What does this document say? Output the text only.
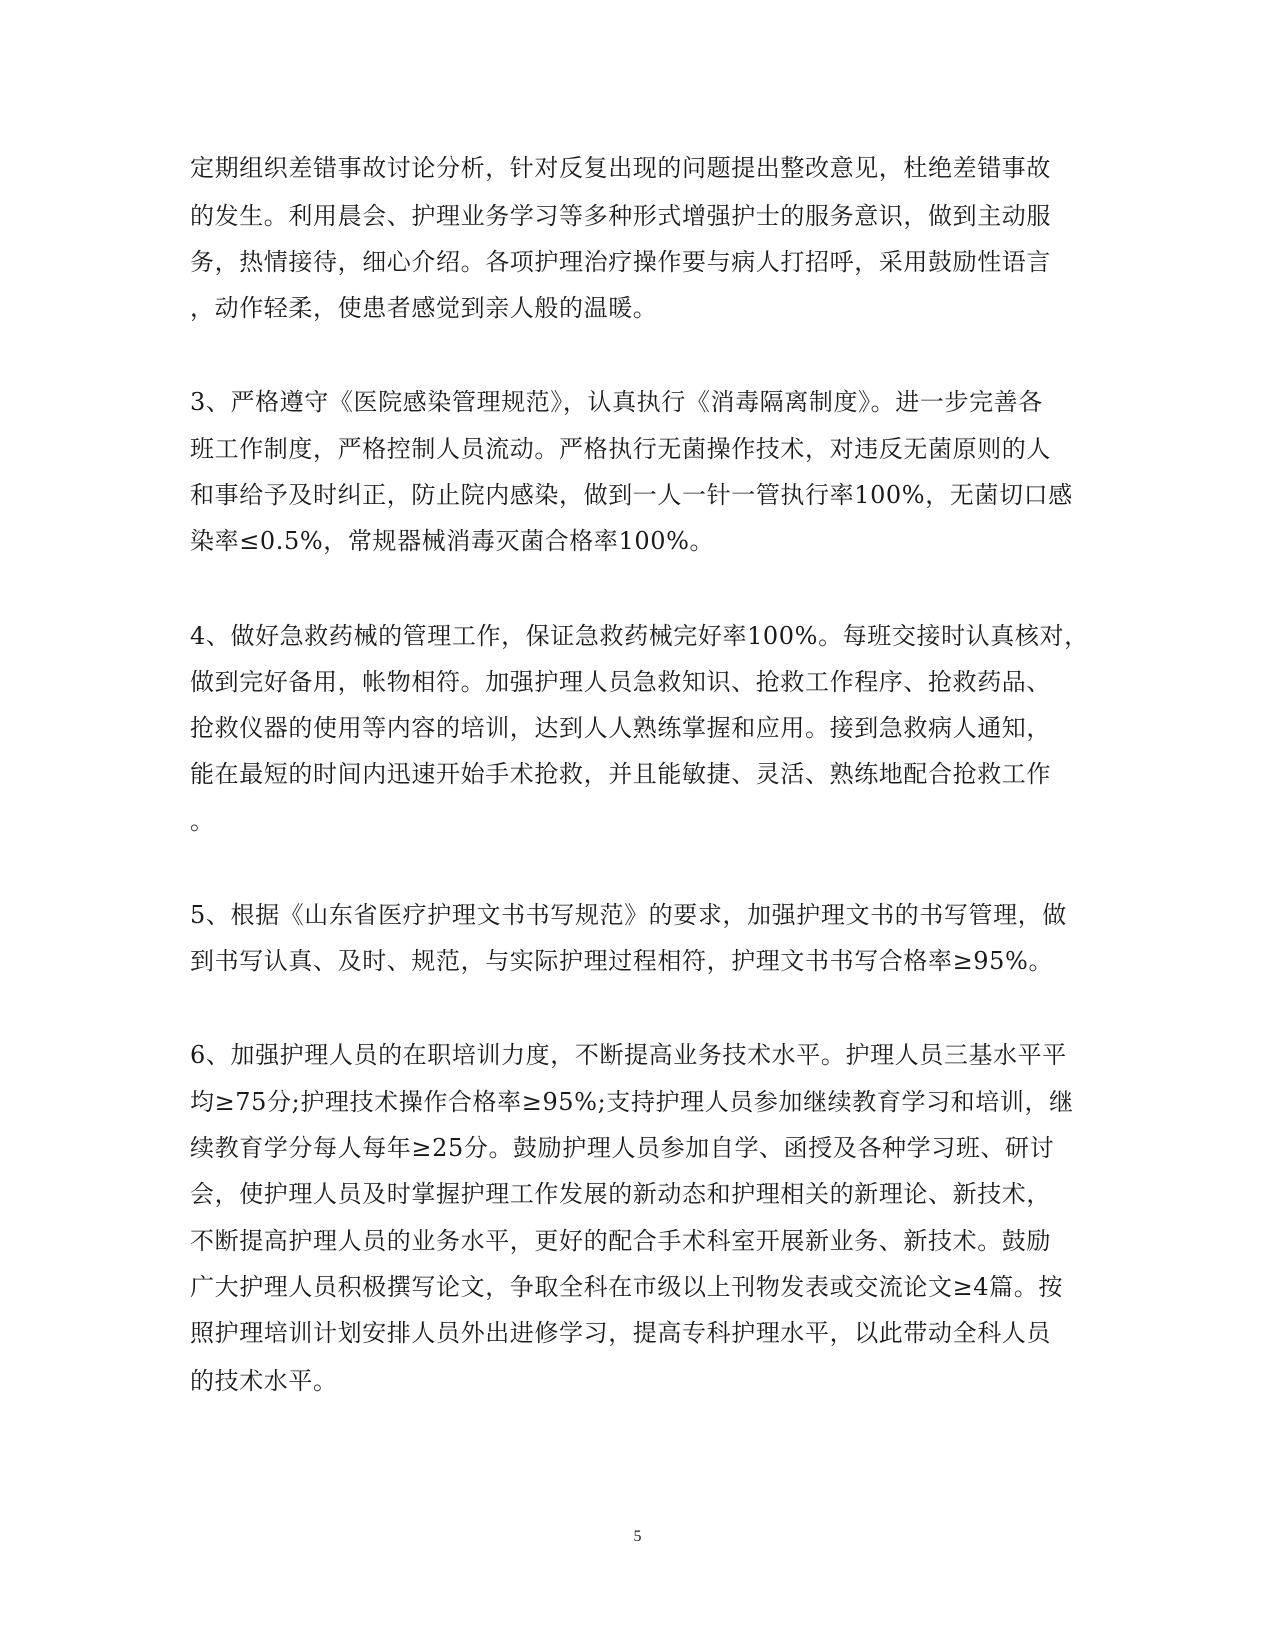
定期组织差错事故讨论分析，针对反复出现的问题提出整改意见，杜绝差错事故
的发生。利用晨会、护理业务学习等多种形式增强护士的服务意识，做到主动服
务，热情接待，细心介绍。各项护理治疗操作要与病人打招呼，采用鼓励性语言
，动作轻柔，使患者感觉到亲人般的温暖。
3、严格遵守《医院感染管理规范》，认真执行《消毒隔离制度》。进一步完善各
班工作制度，严格控制人员流动。严格执行无菌操作技术，对违反无菌原则的人
和事给予及时纠正，防止院内感染，做到一人一针一管执行率100%，无菌切口感
染率≤0.5%，常规器械消毒灭菌合格率100%。
4、做好急救药械的管理工作，保证急救药械完好率100%。每班交接时认真核对，
做到完好备用，帐物相符。加强护理人员急救知识、抢救工作程序、抢救药品、
抢救仪器的使用等内容的培训，达到人人熟练掌握和应用。接到急救病人通知，
能在最短的时间内迅速开始手术抢救，并且能敏捷、灵活、熟练地配合抢救工作
。
5、根据《山东省医疗护理文书书写规范》的要求，加强护理文书的书写管理，做
到书写认真、及时、规范，与实际护理过程相符，护理文书书写合格率≥95%。
6、加强护理人员的在职培训力度，不断提高业务技术水平。护理人员三基水平平
均≥75分;护理技术操作合格率≥95%;支持护理人员参加继续教育学习和培训，继
续教育学分每人每年≥25分。鼓励护理人员参加自学、函授及各种学习班、研讨
会，使护理人员及时掌握护理工作发展的新动态和护理相关的新理论、新技术，
不断提高护理人员的业务水平，更好的配合手术科室开展新业务、新技术。鼓励
广大护理人员积极撰写论文，争取全科在市级以上刊物发表或交流论文≥4篇。按
照护理培训计划安排人员外出进修学习，提高专科护理水平，以此带动全科人员
的技术水平。
5
